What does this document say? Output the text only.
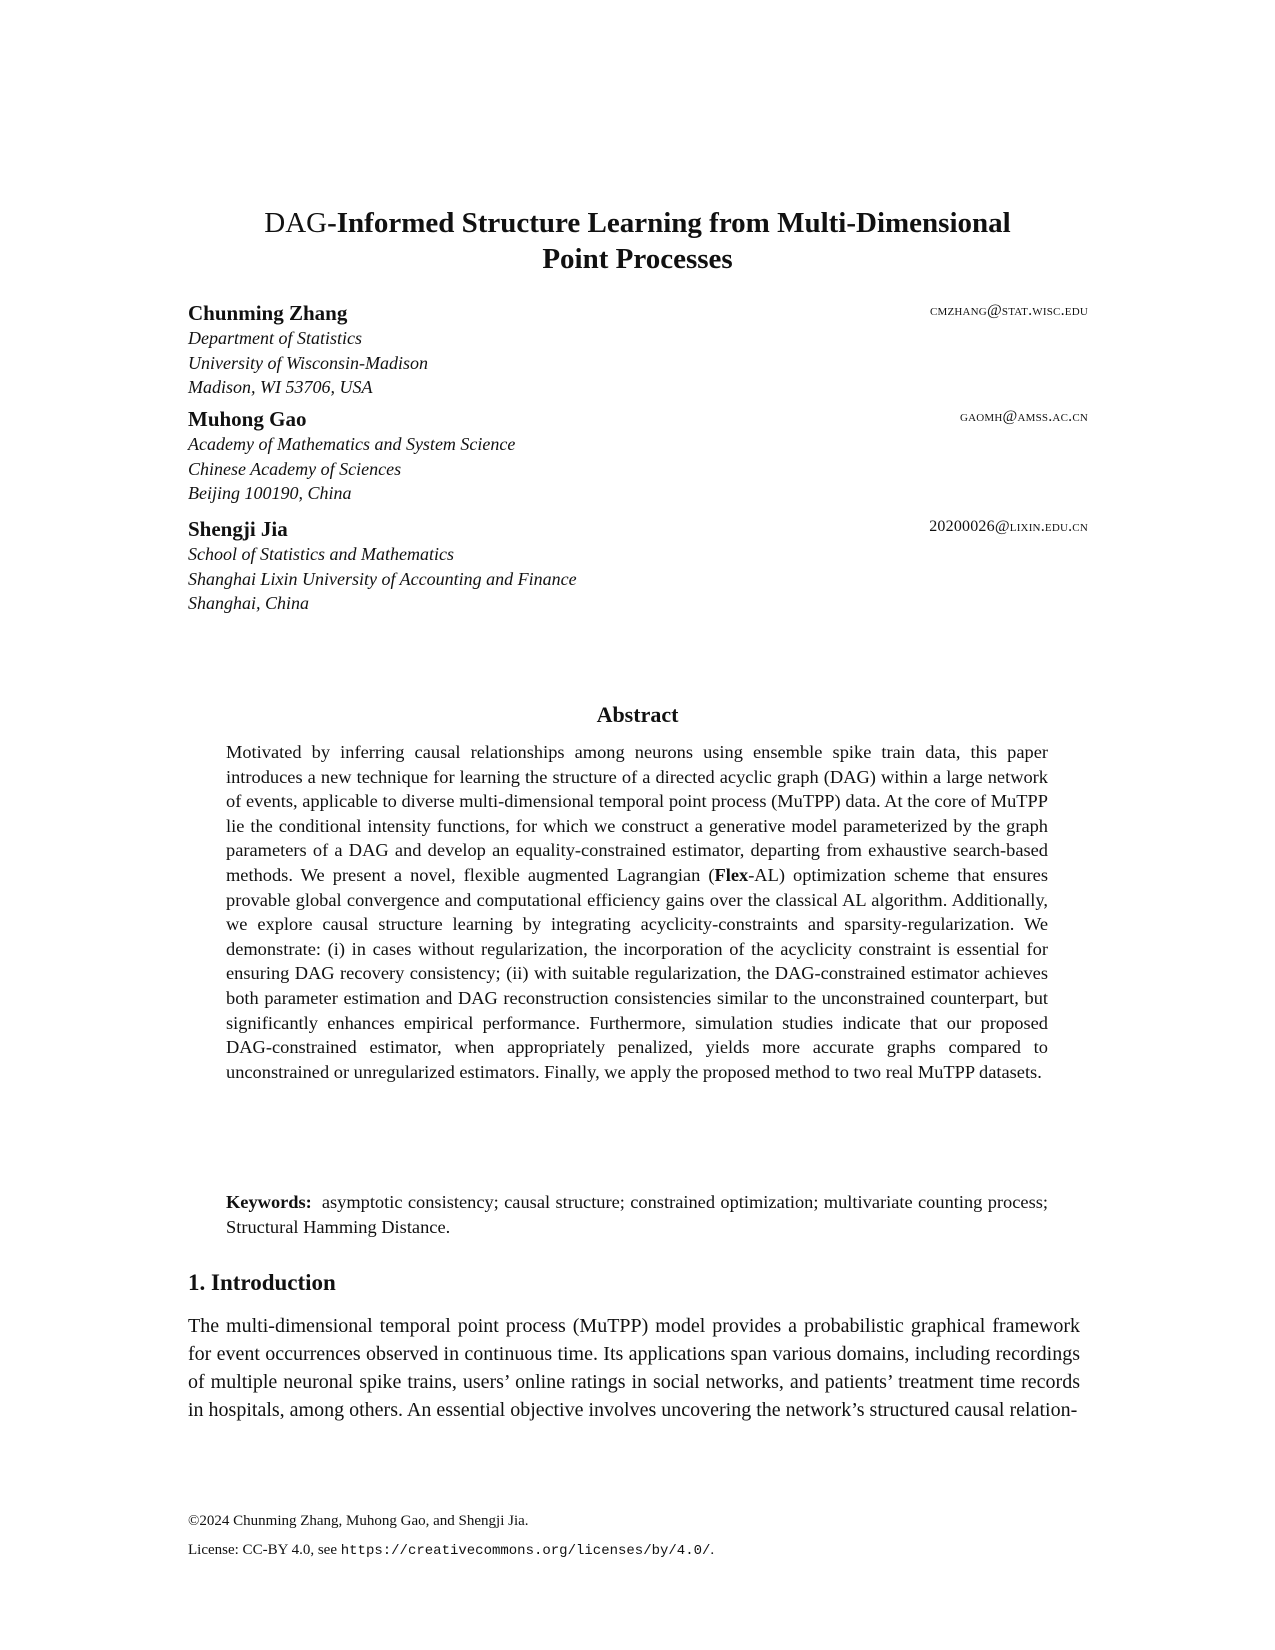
DAG-Informed Structure Learning from Multi-Dimensional
Point Processes
Chunming Zhang	cmzhang@stat.wisc.edu
Department of Statistics
University of Wisconsin-Madison
Madison, WI 53706, USA
Muhong Gao	gaomh@amss.ac.cn
Academy of Mathematics and System Science
Chinese Academy of Sciences
Beijing 100190, China
Shengji Jia	20200026@lixin.edu.cn
School of Statistics and Mathematics
Shanghai Lixin University of Accounting and Finance
Shanghai, China
Abstract
Motivated by inferring causal relationships among neurons using ensemble spike train data, this paper introduces a new technique for learning the structure of a directed acyclic graph (DAG) within a large network of events, applicable to diverse multi-dimensional temporal point process (MuTPP) data. At the core of MuTPP lie the conditional intensity functions, for which we construct a generative model parameterized by the graph parameters of a DAG and develop an equality-constrained estimator, departing from exhaustive search-based methods. We present a novel, flexible augmented Lagrangian (Flex-AL) optimization scheme that ensures provable global convergence and computational efficiency gains over the classical AL algorithm. Additionally, we explore causal structure learning by integrating acyclicity-constraints and sparsity-regularization. We demonstrate: (i) in cases without regularization, the incorporation of the acyclicity constraint is essential for ensuring DAG recovery consistency; (ii) with suitable regularization, the DAG-constrained estimator achieves both parameter estimation and DAG reconstruction consistencies similar to the unconstrained counterpart, but significantly enhances empirical performance. Furthermore, simulation studies indicate that our proposed DAG-constrained estimator, when appropriately penalized, yields more accurate graphs compared to unconstrained or unregularized estimators. Finally, we apply the proposed method to two real MuTPP datasets.
Keywords: asymptotic consistency; causal structure; constrained optimization; multivariate counting process; Structural Hamming Distance.
1. Introduction
The multi-dimensional temporal point process (MuTPP) model provides a probabilistic graphical framework for event occurrences observed in continuous time. Its applications span various domains, including recordings of multiple neuronal spike trains, users’ online ratings in social networks, and patients’ treatment time records in hospitals, among others. An essential objective involves uncovering the network’s structured causal relation-
©2024 Chunming Zhang, Muhong Gao, and Shengji Jia.
License: CC-BY 4.0, see https://creativecommons.org/licenses/by/4.0/.
